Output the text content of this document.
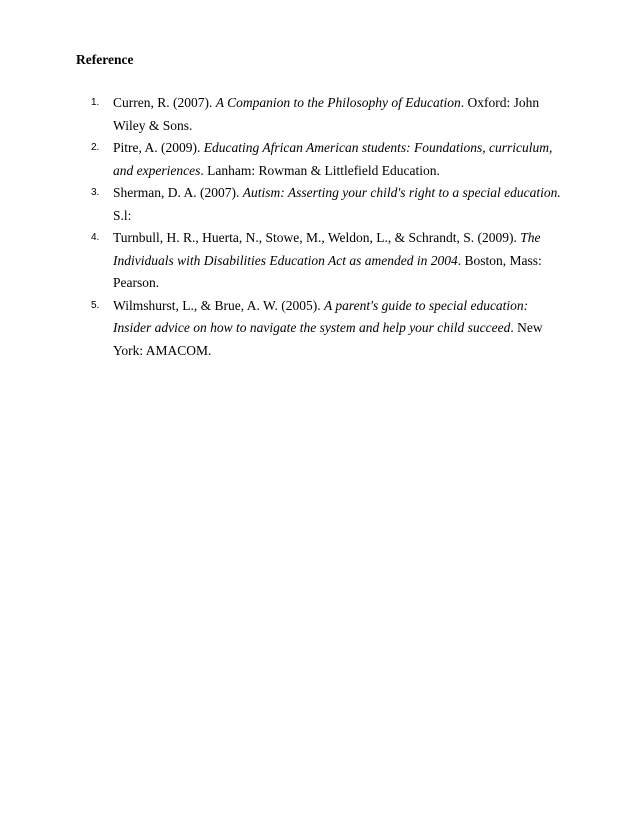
Reference

1. Curren, R. (2007). A Companion to the Philosophy of Education. Oxford: John Wiley & Sons.
2. Pitre, A. (2009). Educating African American students: Foundations, curriculum, and experiences. Lanham: Rowman & Littlefield Education.
3. Sherman, D. A. (2007). Autism: Asserting your child's right to a special education. S.l:
4. Turnbull, H. R., Huerta, N., Stowe, M., Weldon, L., & Schrandt, S. (2009). The Individuals with Disabilities Education Act as amended in 2004. Boston, Mass: Pearson.
5. Wilmshurst, L., & Brue, A. W. (2005). A parent's guide to special education: Insider advice on how to navigate the system and help your child succeed. New York: AMACOM.
